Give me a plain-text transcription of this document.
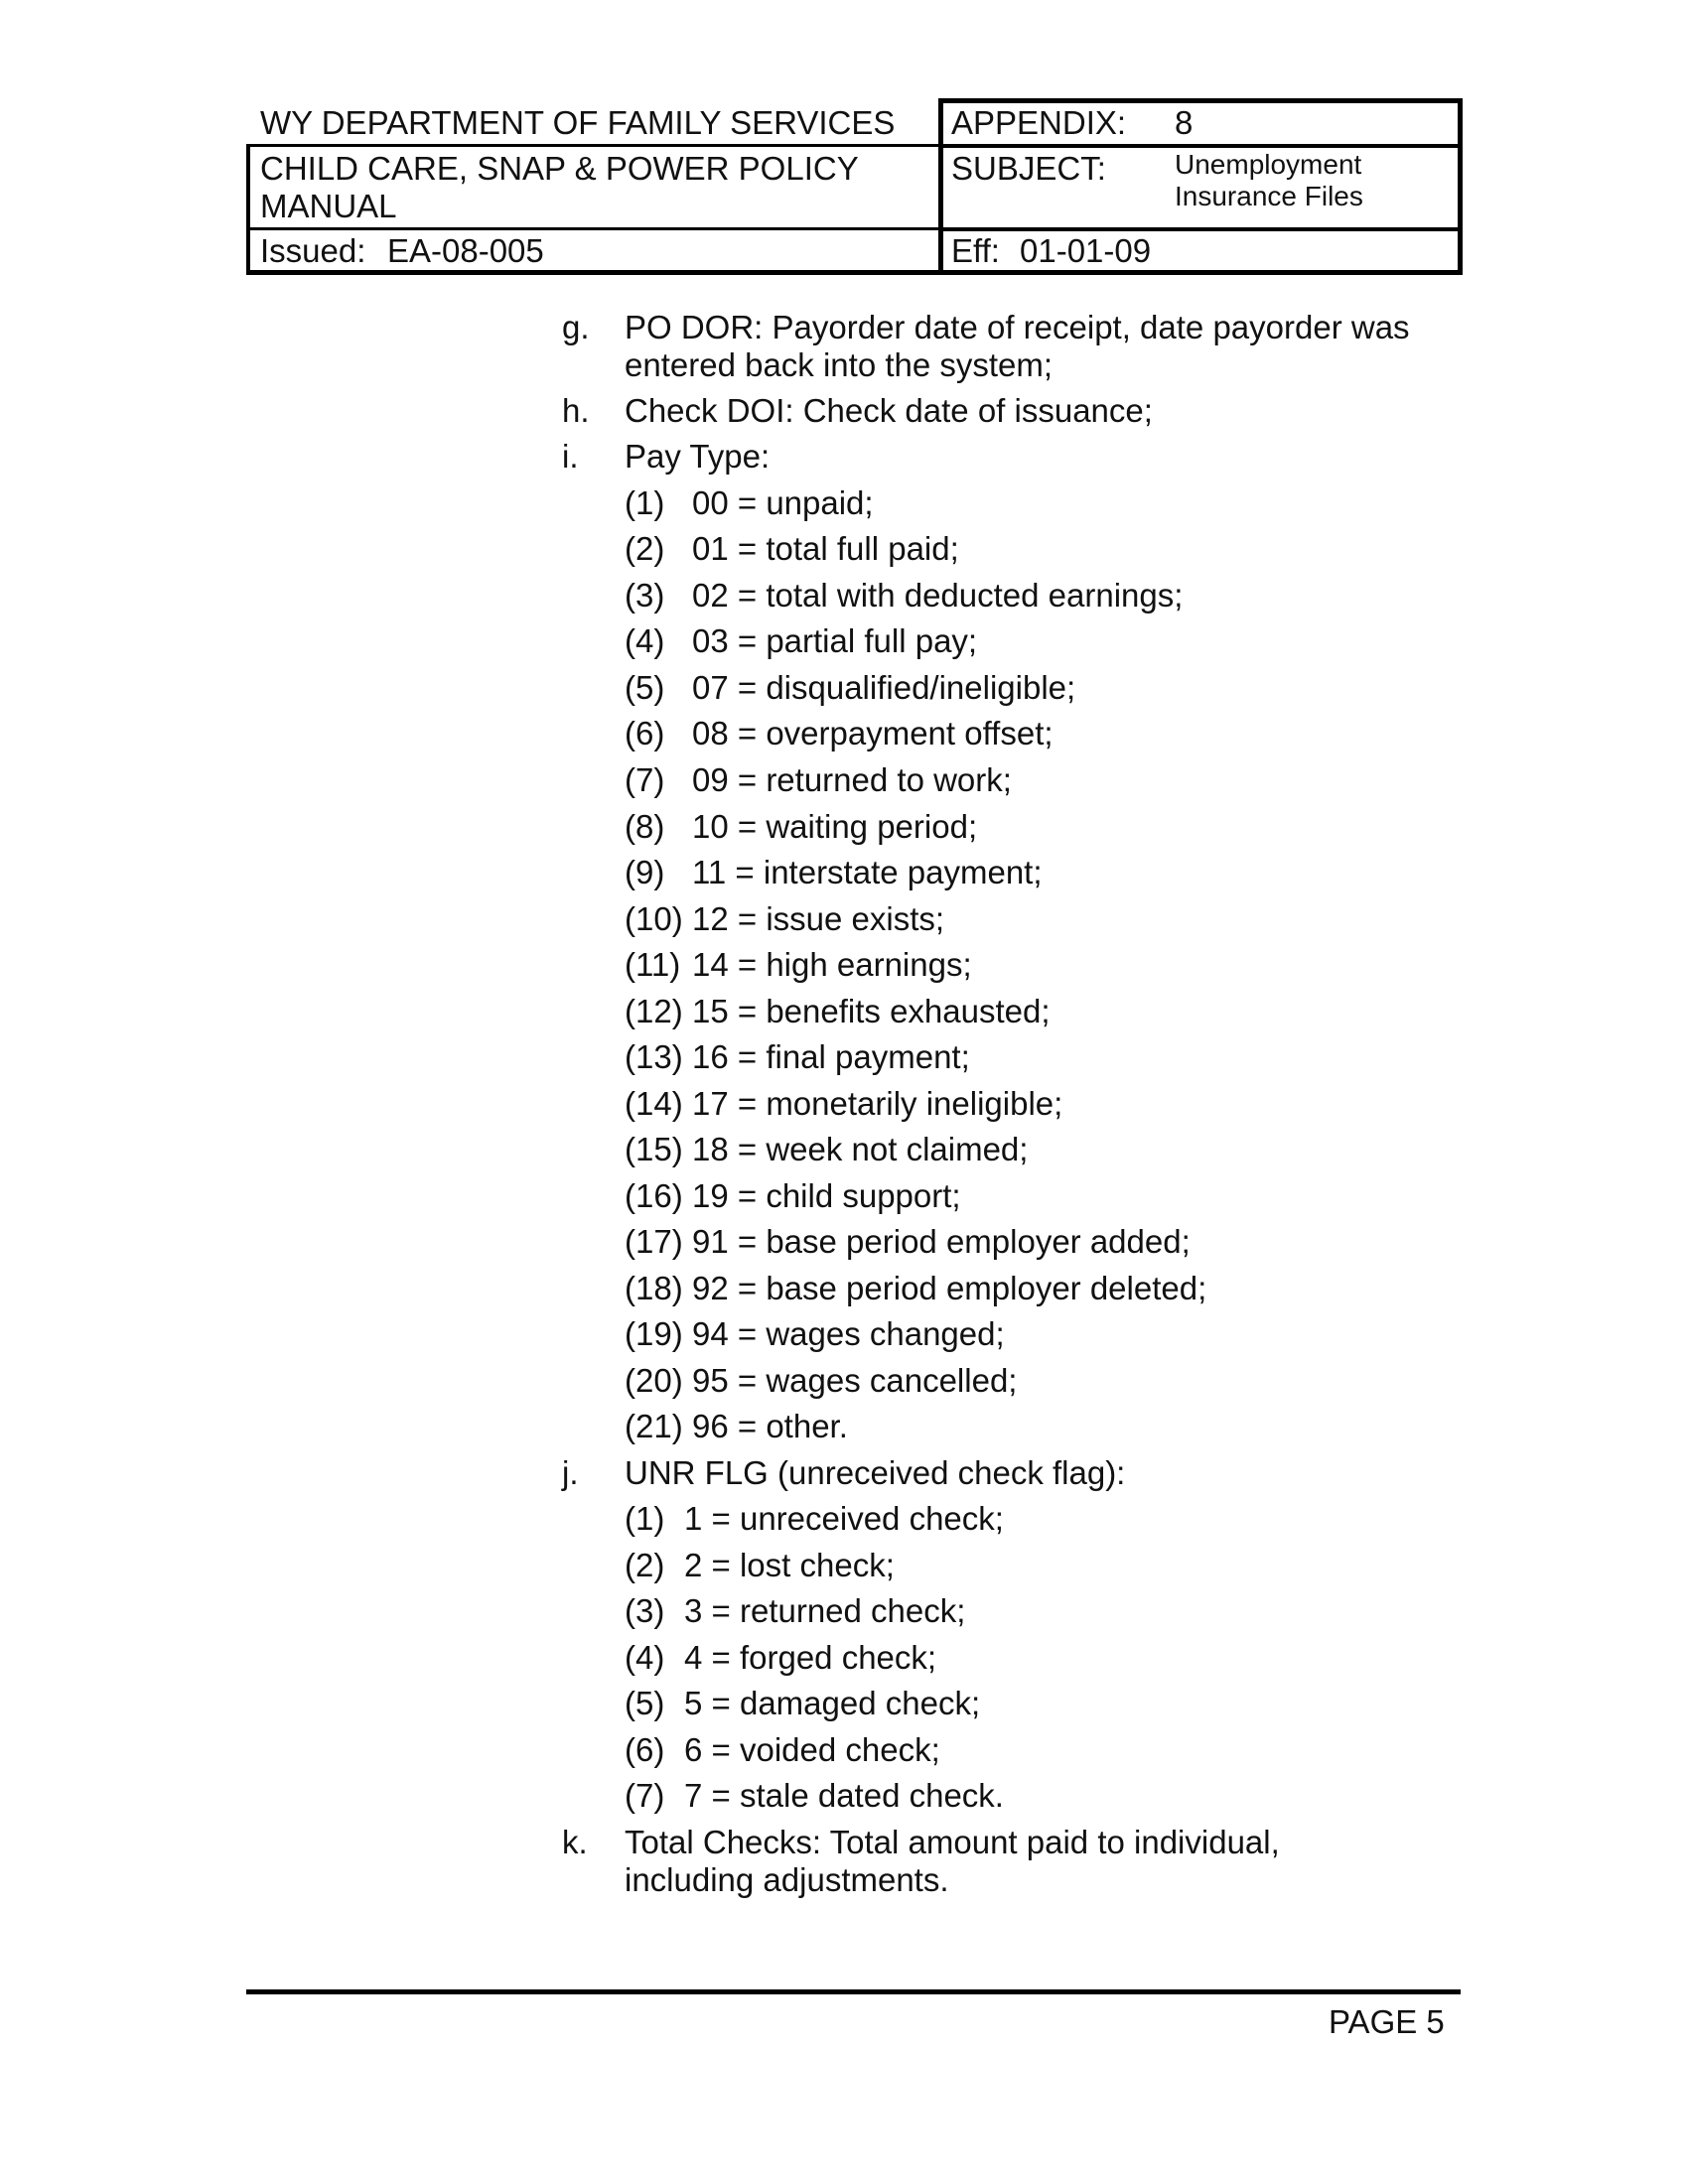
WY DEPARTMENT OF FAMILY SERVICES
CHILD CARE, SNAP & POWER POLICY
MANUAL
Issued: EA-08-005
APPENDIX: 8
SUBJECT: Unemployment
Insurance Files
Eff: 01-01-09
g. PO DOR: Payorder date of receipt, date payorder was
entered back into the system;
h. Check DOI: Check date of issuance;
i. Pay Type:
(1) 00 = unpaid;
(2) 01 = total full paid;
(3) 02 = total with deducted earnings;
(4) 03 = partial full pay;
(5) 07 = disqualified/ineligible;
(6) 08 = overpayment offset;
(7) 09 = returned to work;
(8) 10 = waiting period;
(9) 11 = interstate payment;
(10) 12 = issue exists;
(11) 14 = high earnings;
(12) 15 = benefits exhausted;
(13) 16 = final payment;
(14) 17 = monetarily ineligible;
(15) 18 = week not claimed;
(16) 19 = child support;
(17) 91 = base period employer added;
(18) 92 = base period employer deleted;
(19) 94 = wages changed;
(20) 95 = wages cancelled;
(21) 96 = other.
j. UNR FLG (unreceived check flag):
(1) 1 = unreceived check;
(2) 2 = lost check;
(3) 3 = returned check;
(4) 4 = forged check;
(5) 5 = damaged check;
(6) 6 = voided check;
(7) 7 = stale dated check.
k. Total Checks: Total amount paid to individual,
including adjustments.
PAGE 5
